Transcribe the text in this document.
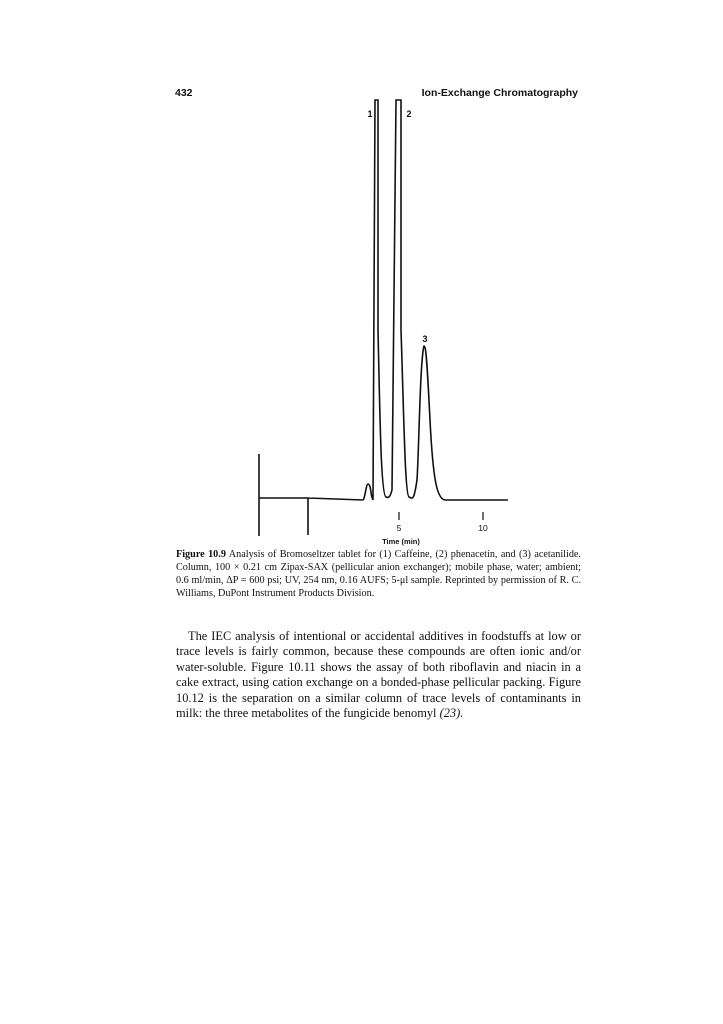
432	Ion-Exchange Chromatography
5	10
Time (min)
1	2
3
Figure 10.9 Analysis of Bromoseltzer tablet for (1) Caffeine, (2) phenacetin, and (3) acetanilide. Column, 100 × 0.21 cm Zipax-SAX (pellicular anion exchanger); mobile phase, water; ambient; 0.6 ml/min, ΔP = 600 psi; UV, 254 nm, 0.16 AUFS; 5-μl sample. Reprinted by permission of R. C. Williams, DuPont Instrument Products Division.

The IEC analysis of intentional or accidental additives in foodstuffs at low or trace levels is fairly common, because these compounds are often ionic and/or water-soluble. Figure 10.11 shows the assay of both riboflavin and niacin in a cake extract, using cation exchange on a bonded-phase pellicular packing. Figure 10.12 is the separation on a similar column of trace levels of contaminants in milk: the three metabolites of the fungicide benomyl (23).
